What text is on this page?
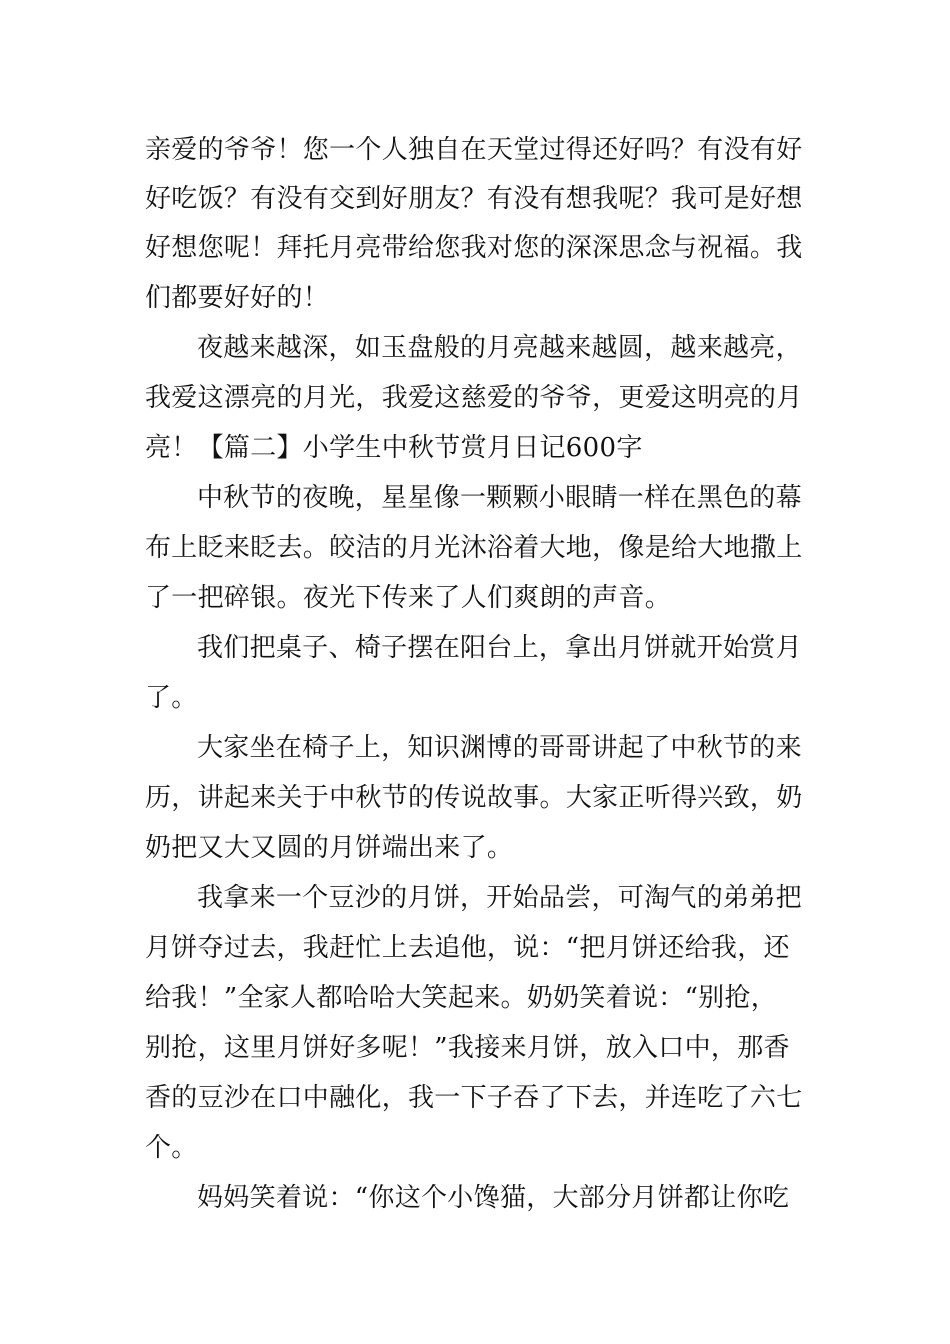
亲爱的爷爷！您一个人独自在天堂过得还好吗？有没有好
好吃饭？有没有交到好朋友？有没有想我呢？我可是好想
好想您呢！拜托月亮带给您我对您的深深思念与祝福。我
们都要好好的！
夜越来越深，如玉盘般的月亮越来越圆，越来越亮，
我爱这漂亮的月光，我爱这慈爱的爷爷，更爱这明亮的月
亮！【篇二】小学生中秋节赏月日记600字
中秋节的夜晚，星星像一颗颗小眼睛一样在黑色的幕
布上眨来眨去。皎洁的月光沐浴着大地，像是给大地撒上
了一把碎银。夜光下传来了人们爽朗的声音。
我们把桌子、椅子摆在阳台上，拿出月饼就开始赏月
了。
大家坐在椅子上，知识渊博的哥哥讲起了中秋节的来
历，讲起来关于中秋节的传说故事。大家正听得兴致，奶
奶把又大又圆的月饼端出来了。
我拿来一个豆沙的月饼，开始品尝，可淘气的弟弟把
月饼夺过去，我赶忙上去追他，说：“把月饼还给我，还
给我！”全家人都哈哈大笑起来。奶奶笑着说：“别抢，
别抢，这里月饼好多呢！”我接来月饼，放入口中，那香
香的豆沙在口中融化，我一下子吞了下去，并连吃了六七
个。
妈妈笑着说：“你这个小馋猫，大部分月饼都让你吃
